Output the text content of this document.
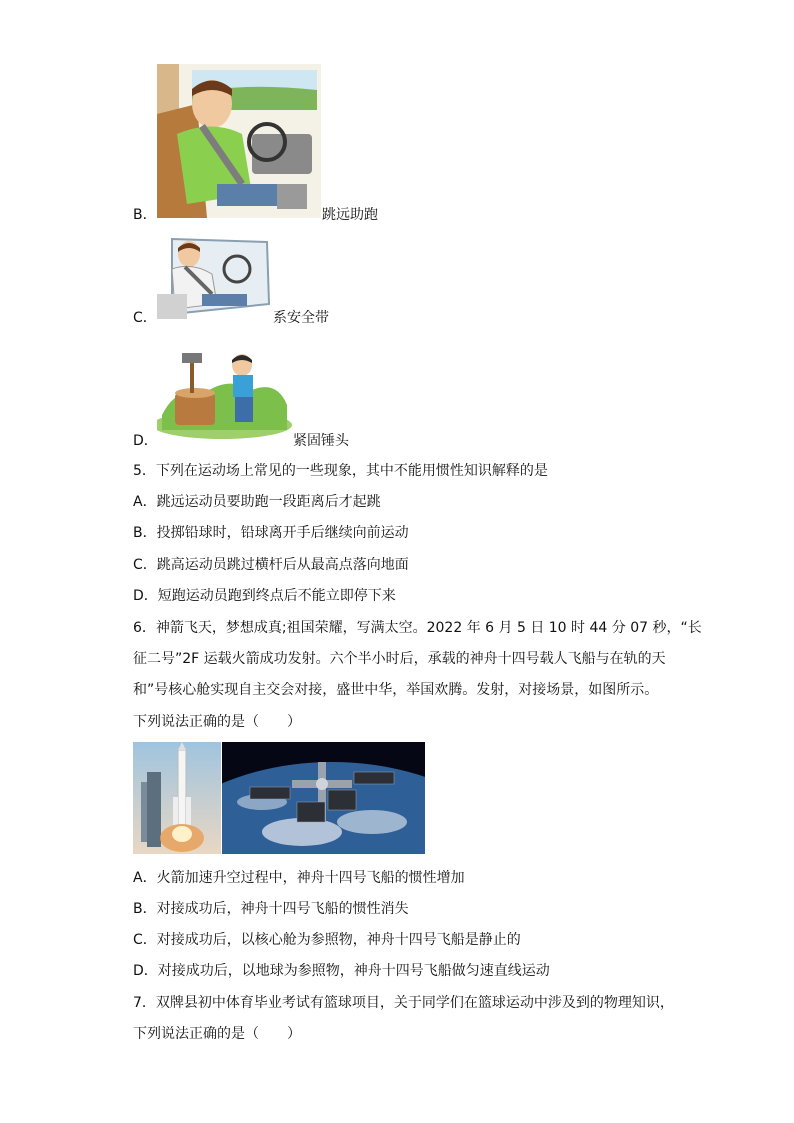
B．	跳远助跑
C．	系安全带
D．	紧固锤头
5．下列在运动场上常见的一些现象，其中不能用惯性知识解释的是
A．跳远运动员要助跑一段距离后才起跳
B．投掷铅球时，铅球离开手后继续向前运动
C．跳高运动员跳过横杆后从最高点落向地面
D．短跑运动员跑到终点后不能立即停下来
6．神箭飞天，梦想成真;祖国荣耀，写满太空。2022 年 6 月 5 日 10 时 44 分 07 秒，“长
征二号”2F 运载火箭成功发射。六个半小时后，承载的神舟十四号载人飞船与在轨的天
和”号核心舱实现自主交会对接，盛世中华，举国欢腾。发射，对接场景，如图所示。
下列说法正确的是（　　）
A．火箭加速升空过程中，神舟十四号飞船的惯性增加
B．对接成功后，神舟十四号飞船的惯性消失
C．对接成功后，以核心舱为参照物，神舟十四号飞船是静止的
D．对接成功后，以地球为参照物，神舟十四号飞船做匀速直线运动
7．双牌县初中体育毕业考试有篮球项目，关于同学们在篮球运动中涉及到的物理知识，
下列说法正确的是（　　）
